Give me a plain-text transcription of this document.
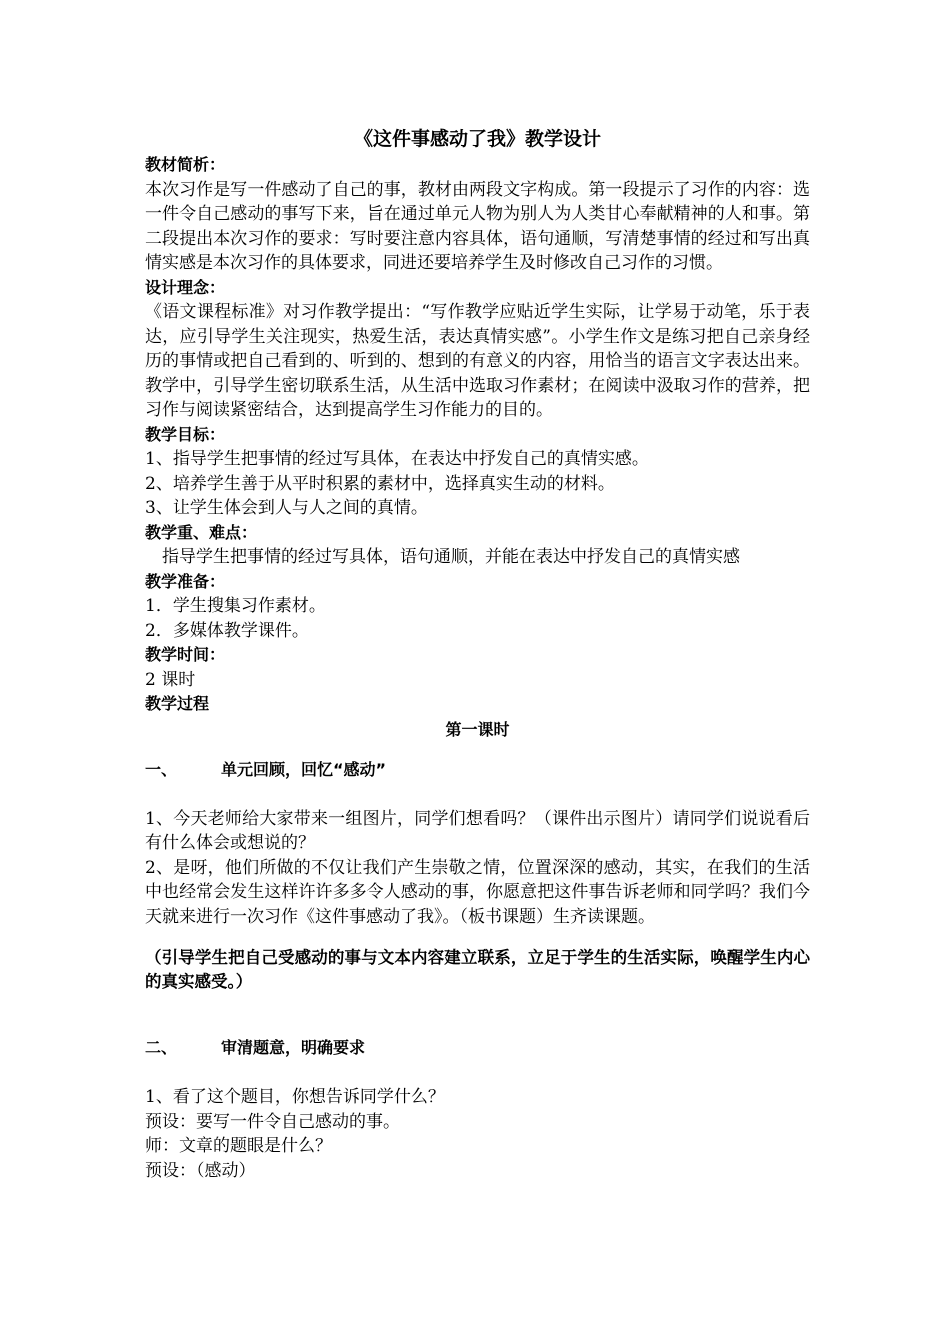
《这件事感动了我》教学设计
教材简析：

本次习作是写一件感动了自己的事，教材由两段文字构成。第一段提示了习作的内容：选一件令自己感动的事写下来，旨在通过单元人物为别人为人类甘心奉献精神的人和事。第二段提出本次习作的要求：写时要注意内容具体，语句通顺，写清楚事情的经过和写出真情实感是本次习作的具体要求，同进还要培养学生及时修改自己习作的习惯。

设计理念：

《语文课程标准》对习作教学提出：“写作教学应贴近学生实际，让学易于动笔，乐于表达，应引导学生关注现实，热爱生活，表达真情实感”。小学生作文是练习把自己亲身经历的事情或把自己看到的、听到的、想到的有意义的内容，用恰当的语言文字表达出来。教学中，引导学生密切联系生活，从生活中选取习作素材；在阅读中汲取习作的营养，把习作与阅读紧密结合，达到提高学生习作能力的目的。

教学目标：

1、指导学生把事情的经过写具体，在表达中抒发自己的真情实感。

2、培养学生善于从平时积累的素材中，选择真实生动的材料。

3、让学生体会到人与人之间的真情。

教学重、难点：

指导学生把事情的经过写具体，语句通顺，并能在表达中抒发自己的真情实感

教学准备：

1．学生搜集习作素材。

2．多媒体教学课件。

教学时间：

2 课时

教学过程
第一课时
一、	单元回顾，回忆“感动”

1、今天老师给大家带来一组图片，同学们想看吗？（课件出示图片）请同学们说说看后有什么体会或想说的？

2、是呀，他们所做的不仅让我们产生崇敬之情，位置深深的感动，其实，在我们的生活中也经常会发生这样许许多多令人感动的事，你愿意把这件事告诉老师和同学吗？我们今天就来进行一次习作《这件事感动了我》。（板书课题）生齐读课题。

（引导学生把自己受感动的事与文本内容建立联系，立足于学生的生活实际，唤醒学生内心的真实感受。）

二、	审清题意，明确要求

1、看了这个题目，你想告诉同学什么？

预设：要写一件令自己感动的事。

师：文章的题眼是什么？

预设：（感动）
